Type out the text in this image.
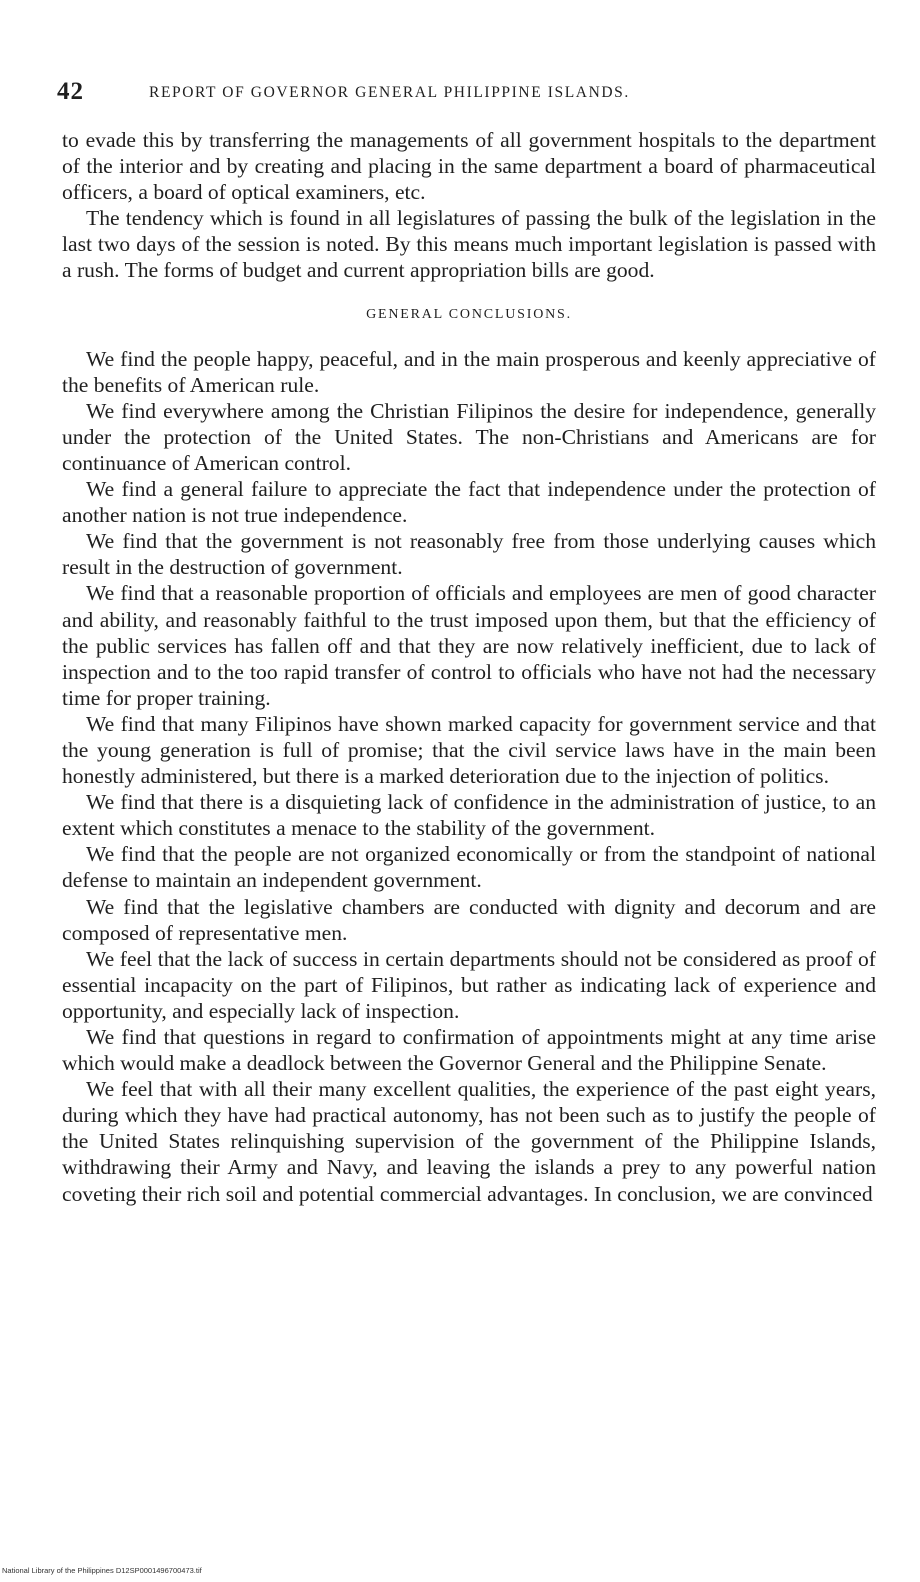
42	REPORT OF GOVERNOR GENERAL PHILIPPINE ISLANDS.

to evade this by transferring the managements of all government hospitals to the department of the interior and by creating and placing in the same department a board of pharmaceutical officers, a board of optical examiners, etc.

The tendency which is found in all legislatures of passing the bulk of the legislation in the last two days of the session is noted. By this means much important legislation is passed with a rush. The forms of budget and current appropriation bills are good.

GENERAL CONCLUSIONS.

We find the people happy, peaceful, and in the main prosperous and keenly appreciative of the benefits of American rule.

We find everywhere among the Christian Filipinos the desire for independence, generally under the protection of the United States. The non-Christians and Americans are for continuance of American control.

We find a general failure to appreciate the fact that independence under the protection of another nation is not true independence.

We find that the government is not reasonably free from those underlying causes which result in the destruction of government.

We find that a reasonable proportion of officials and employees are men of good character and ability, and reasonably faithful to the trust imposed upon them, but that the efficiency of the public services has fallen off and that they are now relatively inefficient, due to lack of inspection and to the too rapid transfer of control to officials who have not had the necessary time for proper training.

We find that many Filipinos have shown marked capacity for government service and that the young generation is full of promise; that the civil service laws have in the main been honestly administered, but there is a marked deterioration due to the injection of politics.

We find that there is a disquieting lack of confidence in the administration of justice, to an extent which constitutes a menace to the stability of the government.

We find that the people are not organized economically or from the standpoint of national defense to maintain an independent government.

We find that the legislative chambers are conducted with dignity and decorum and are composed of representative men.

We feel that the lack of success in certain departments should not be considered as proof of essential incapacity on the part of Filipinos, but rather as indicating lack of experience and opportunity, and especially lack of inspection.

We find that questions in regard to confirmation of appointments might at any time arise which would make a deadlock between the Governor General and the Philippine Senate.

We feel that with all their many excellent qualities, the experience of the past eight years, during which they have had practical autonomy, has not been such as to justify the people of the United States relinquishing supervision of the government of the Philippine Islands, withdrawing their Army and Navy, and leaving the islands a prey to any powerful nation coveting their rich soil and potential commercial advantages. In conclusion, we are convinced

National Library of the Philippines D12SP0001496700473.tif
